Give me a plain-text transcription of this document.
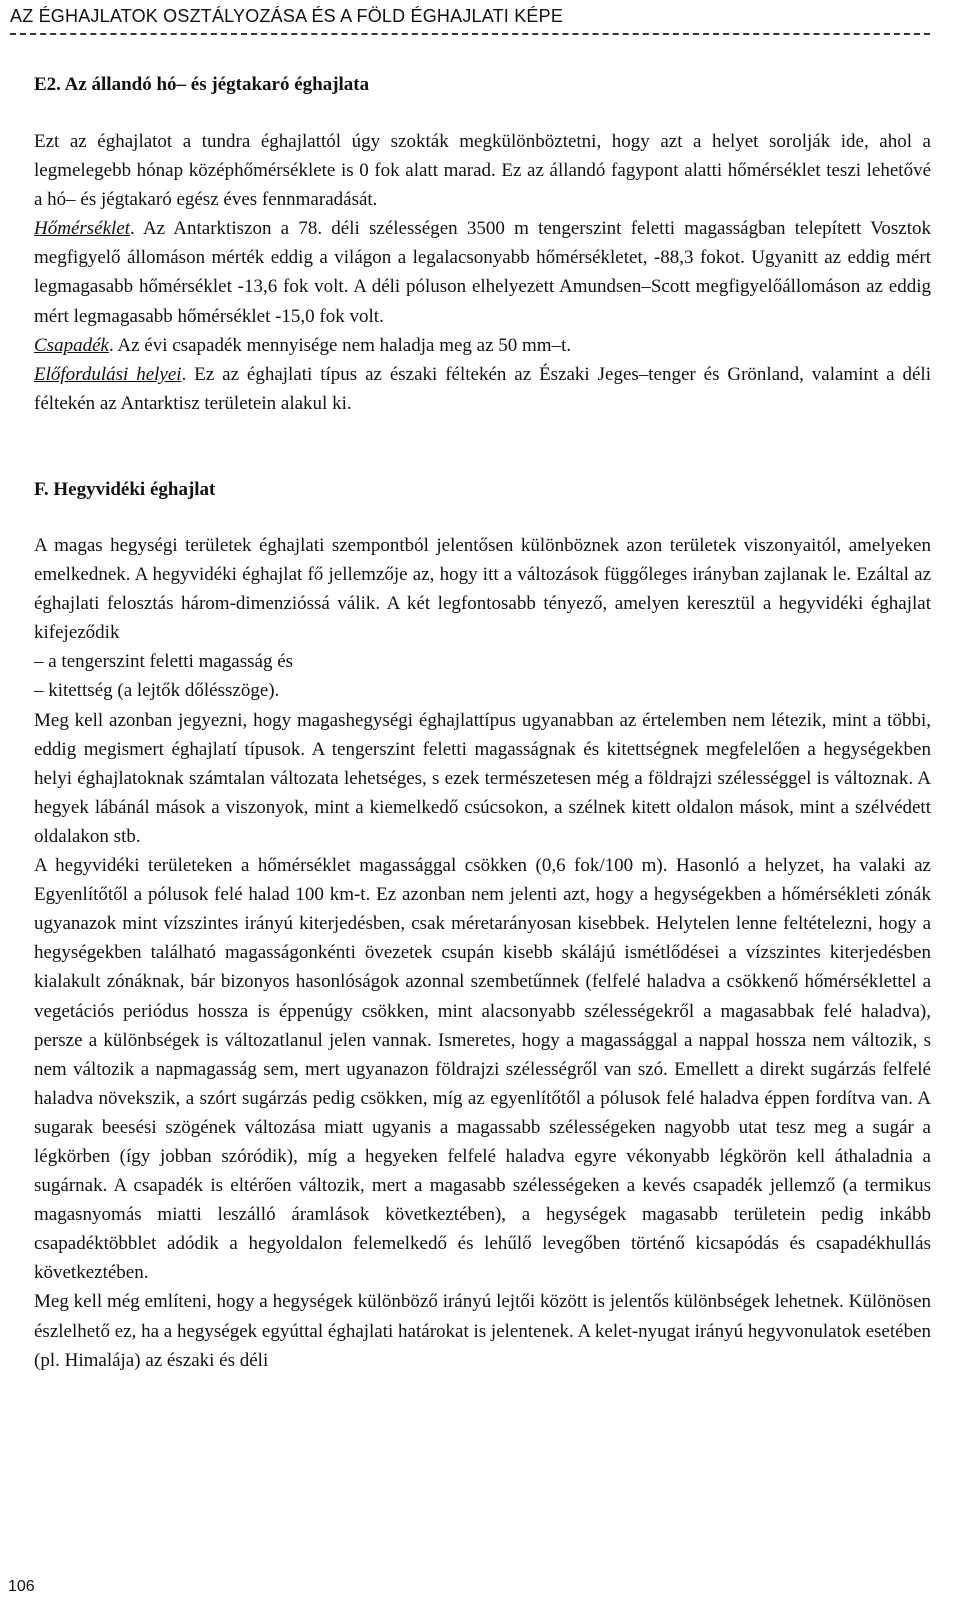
AZ ÉGHAJLATOK OSZTÁLYOZÁSA ÉS A FÖLD ÉGHAJLATI KÉPE
E2. Az állandó hó– és jégtakaró éghajlata

Ezt az éghajlatot a tundra éghajlattól úgy szokták megkülönböztetni, hogy azt a helyet sorolják ide, ahol a legmelegebb hónap középhőmérséklete is 0 fok alatt marad. Ez az állandó fagypont alatti hőmérséklet teszi lehetővé a hó– és jégtakaró egész éves fennmaradását.

Hőmérséklet. Az Antarktiszon a 78. déli szélességen 3500 m tengerszint feletti magasságban telepített Vosztok megfigyelő állomáson mérték eddig a világon a legalacsonyabb hőmérsékletet, -88,3 fokot. Ugyanitt az eddig mért legmagasabb hőmérséklet -13,6 fok volt. A déli póluson elhelyezett Amundsen–Scott megfigyelőállomáson az eddig mért legmagasabb hőmérséklet -15,0 fok volt.

Csapadék. Az évi csapadék mennyisége nem haladja meg az 50 mm–t.

Előfordulási helyei. Ez az éghajlati típus az északi féltekén az Északi Jeges–tenger és Grönland, valamint a déli féltekén az Antarktisz területein alakul ki.

F. Hegyvidéki éghajlat

A magas hegységi területek éghajlati szempontból jelentősen különböznek azon területek viszonyaitól, amelyeken emelkednek. A hegyvidéki éghajlat fő jellemzője az, hogy itt a változások függőleges irányban zajlanak le. Ezáltal az éghajlati felosztás három-dimenzióssá válik. A két legfontosabb tényező, amelyen keresztül a hegyvidéki éghajlat kifejeződik

– a tengerszint feletti magasság és

– kitettség (a lejtők dőlésszöge).

Meg kell azonban jegyezni, hogy magashegységi éghajlattípus ugyanabban az értelemben nem létezik, mint a többi, eddig megismert éghajlatí típusok. A tengerszint feletti magasságnak és kitettségnek megfelelően a hegységekben helyi éghajlatoknak számtalan változata lehetséges, s ezek természetesen még a földrajzi szélességgel is változnak. A hegyek lábánál mások a viszonyok, mint a kiemelkedő csúcsokon, a szélnek kitett oldalon mások, mint a szélvédett oldalakon stb.

A hegyvidéki területeken a hőmérséklet magassággal csökken (0,6 fok/100 m). Hasonló a helyzet, ha valaki az Egyenlítőtől a pólusok felé halad 100 km-t. Ez azonban nem jelenti azt, hogy a hegységekben a hőmérsékleti zónák ugyanazok mint vízszintes irányú kiterjedésben, csak méretarányosan kisebbek. Helytelen lenne feltételezni, hogy a hegységekben található magasságonkénti övezetek csupán kisebb skálájú ismétlődései a vízszintes kiterjedésben kialakult zónáknak, bár bizonyos hasonlóságok azonnal szembetűnnek (felfelé haladva a csökkenő hőmérséklettel a vegetációs periódus hossza is éppenúgy csökken, mint alacsonyabb szélességekről a magasabbak felé haladva), persze a különbségek is változatlanul jelen vannak. Ismeretes, hogy a magassággal a nappal hossza nem változik, s nem változik a napmagasság sem, mert ugyanazon földrajzi szélességről van szó. Emellett a direkt sugárzás felfelé haladva növekszik, a szórt sugárzás pedig csökken, míg az egyenlítőtől a pólusok felé haladva éppen fordítva van. A sugarak beesési szögének változása miatt ugyanis a magassabb szélességeken nagyobb utat tesz meg a sugár a légkörben (így jobban szóródik), míg a hegyeken felfelé haladva egyre vékonyabb légkörön kell áthaladnia a sugárnak. A csapadék is eltérően változik, mert a magasabb szélességeken a kevés csapadék jellemző (a termikus magasnyomás miatti leszálló áramlások következtében), a hegységek magasabb területein pedig inkább csapadéktöbblet adódik a hegyoldalon felemelkedő és lehűlő levegőben történő kicsapódás és csapadékhullás következtében.

Meg kell még említeni, hogy a hegységek különböző irányú lejtői között is jelentős különbségek lehetnek. Különösen észlelhető ez, ha a hegységek egyúttal éghajlati határokat is jelentenek. A kelet-nyugat irányú hegyvonulatok esetében (pl. Himalája) az északi és déli

106
